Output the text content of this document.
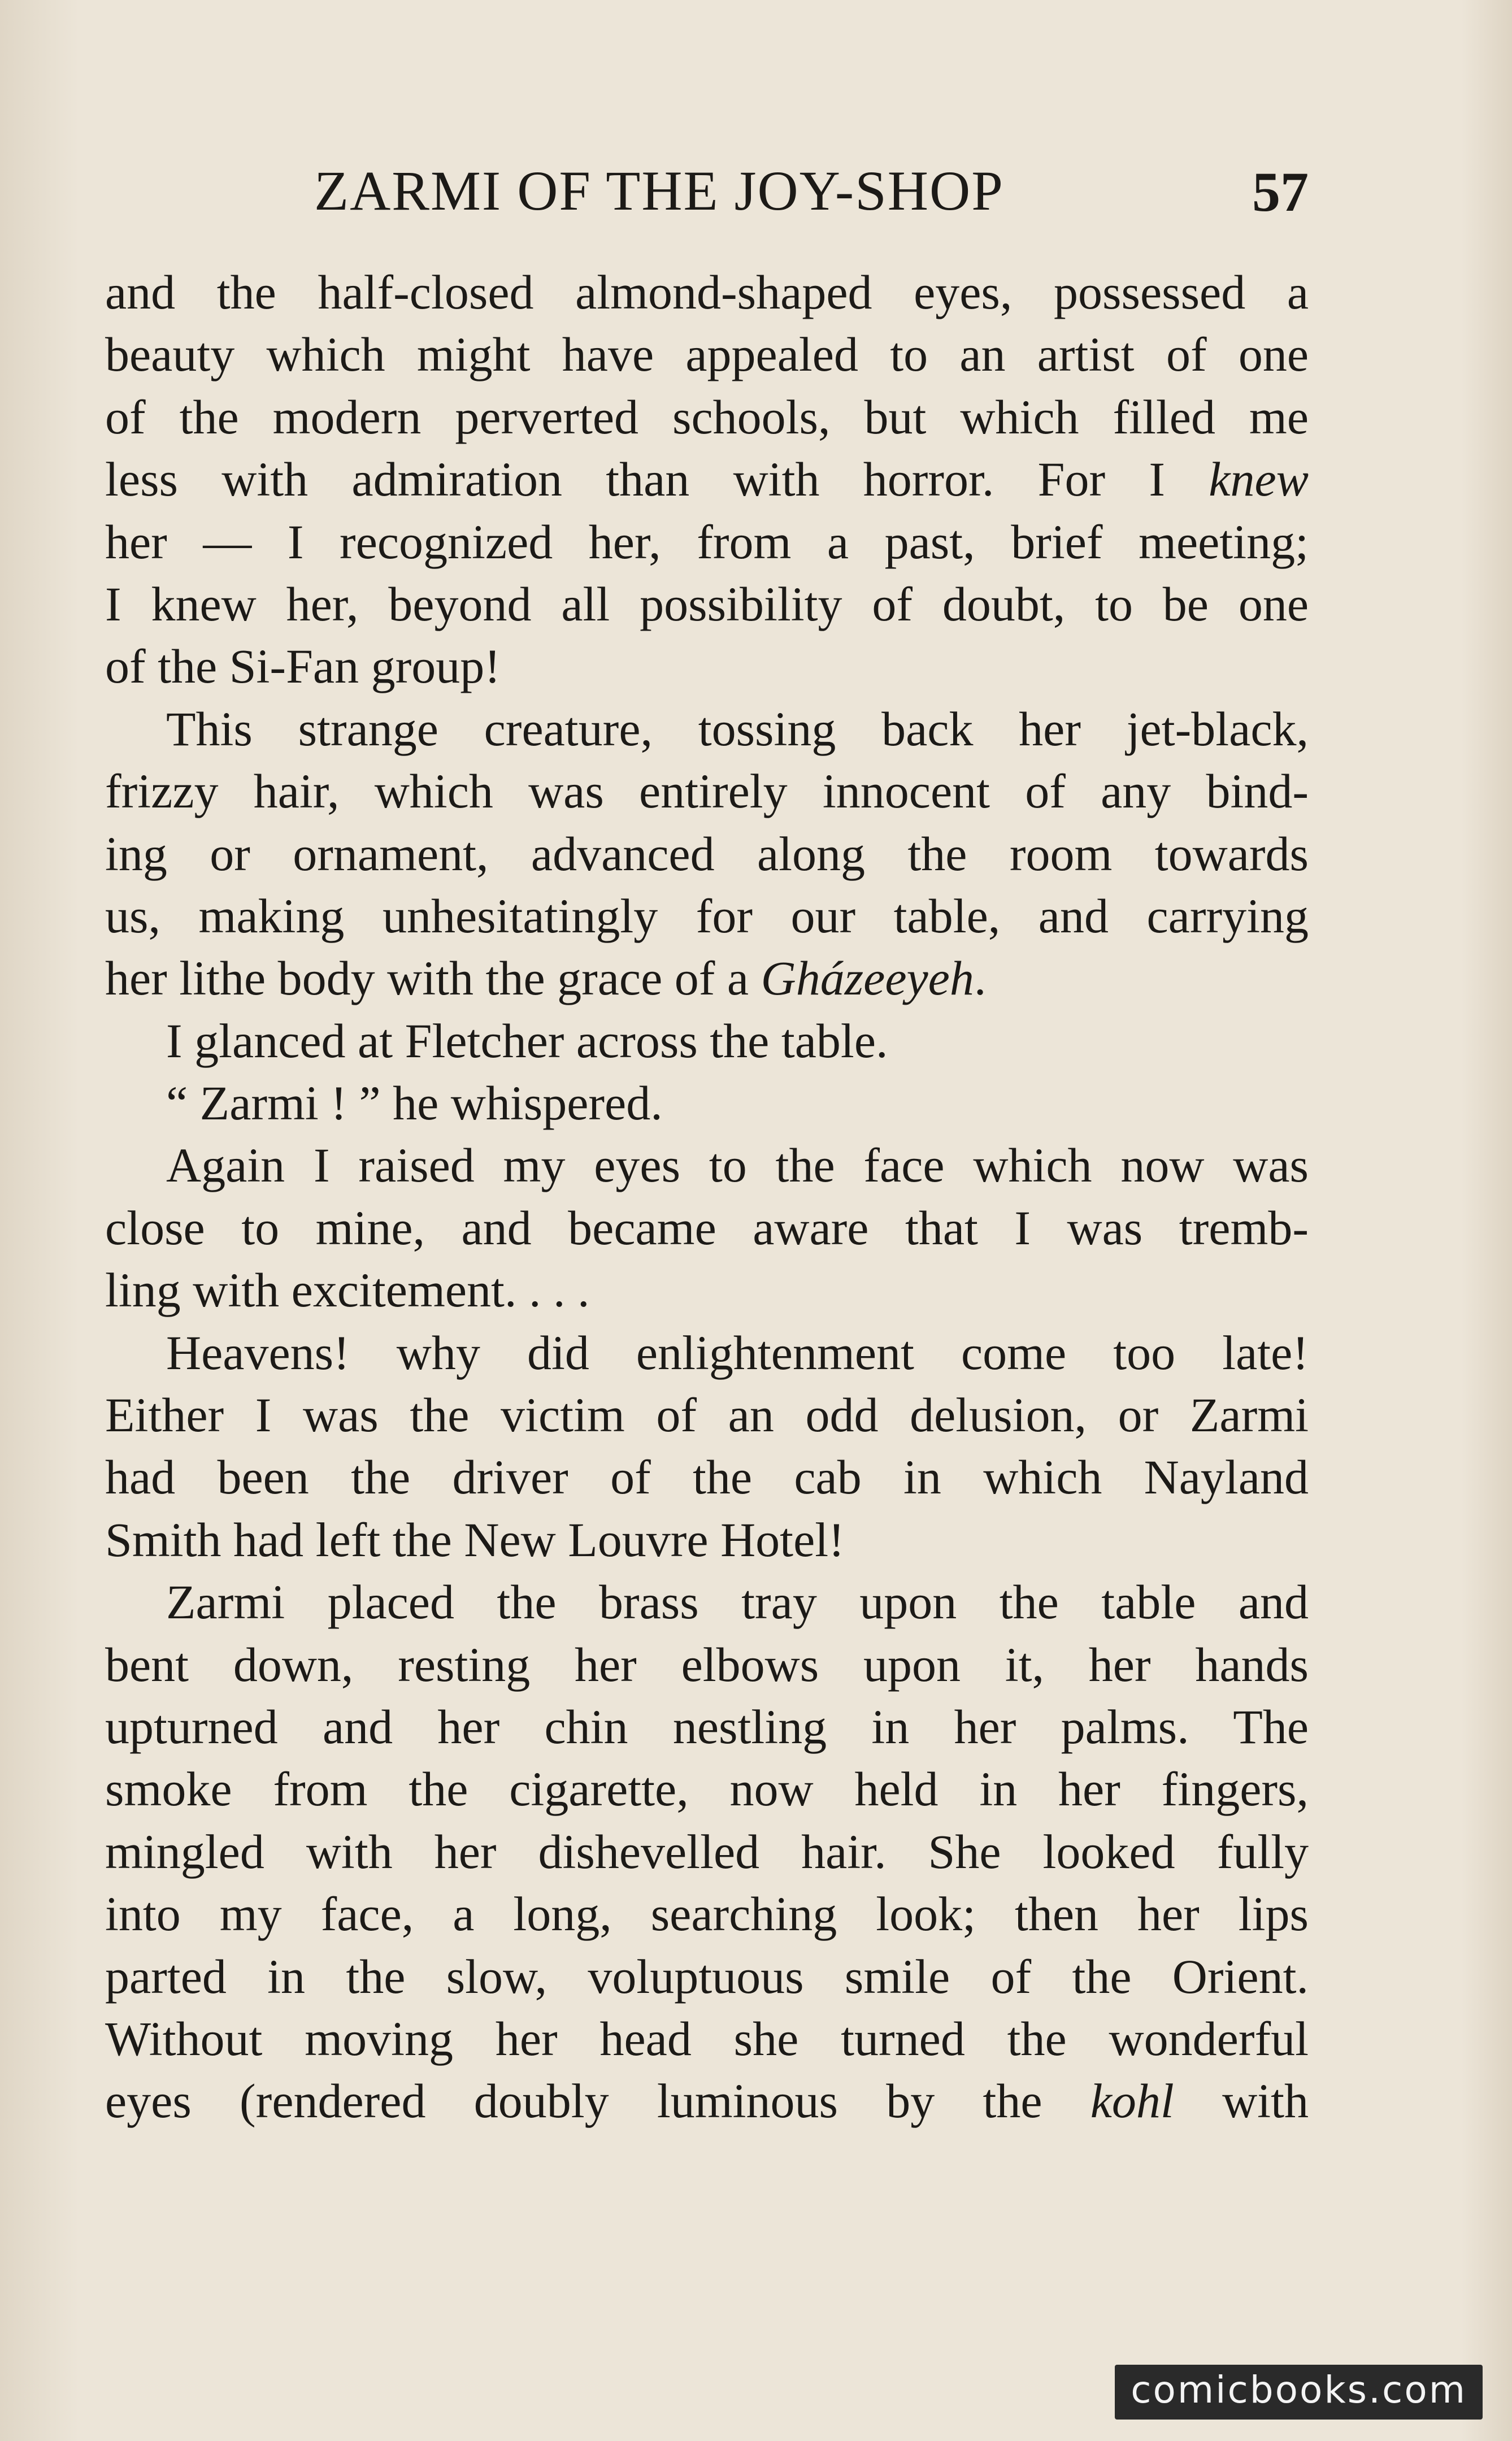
ZARMI OF THE JOY-SHOP	57
and the half-closed almond-shaped eyes, possessed a
beauty which might have appealed to an artist of one
of the modern perverted schools, but which filled me
less with admiration than with horror. For I knew
her — I recognized her, from a past, brief meeting;
I knew her, beyond all possibility of doubt, to be one
of the Si-Fan group!
This strange creature, tossing back her jet-black,
frizzy hair, which was entirely innocent of any bind-
ing or ornament, advanced along the room towards
us, making unhesitatingly for our table, and carrying
her lithe body with the grace of a Gházeeyeh.
I glanced at Fletcher across the table.
“ Zarmi ! ” he whispered.
Again I raised my eyes to the face which now was
close to mine, and became aware that I was tremb-
ling with excitement. . . .
Heavens! why did enlightenment come too late!
Either I was the victim of an odd delusion, or Zarmi
had been the driver of the cab in which Nayland
Smith had left the New Louvre Hotel!
Zarmi placed the brass tray upon the table and
bent down, resting her elbows upon it, her hands
upturned and her chin nestling in her palms. The
smoke from the cigarette, now held in her fingers,
mingled with her dishevelled hair. She looked fully
into my face, a long, searching look; then her lips
parted in the slow, voluptuous smile of the Orient.
Without moving her head she turned the wonderful
eyes (rendered doubly luminous by the kohl with
comicbooks.com
